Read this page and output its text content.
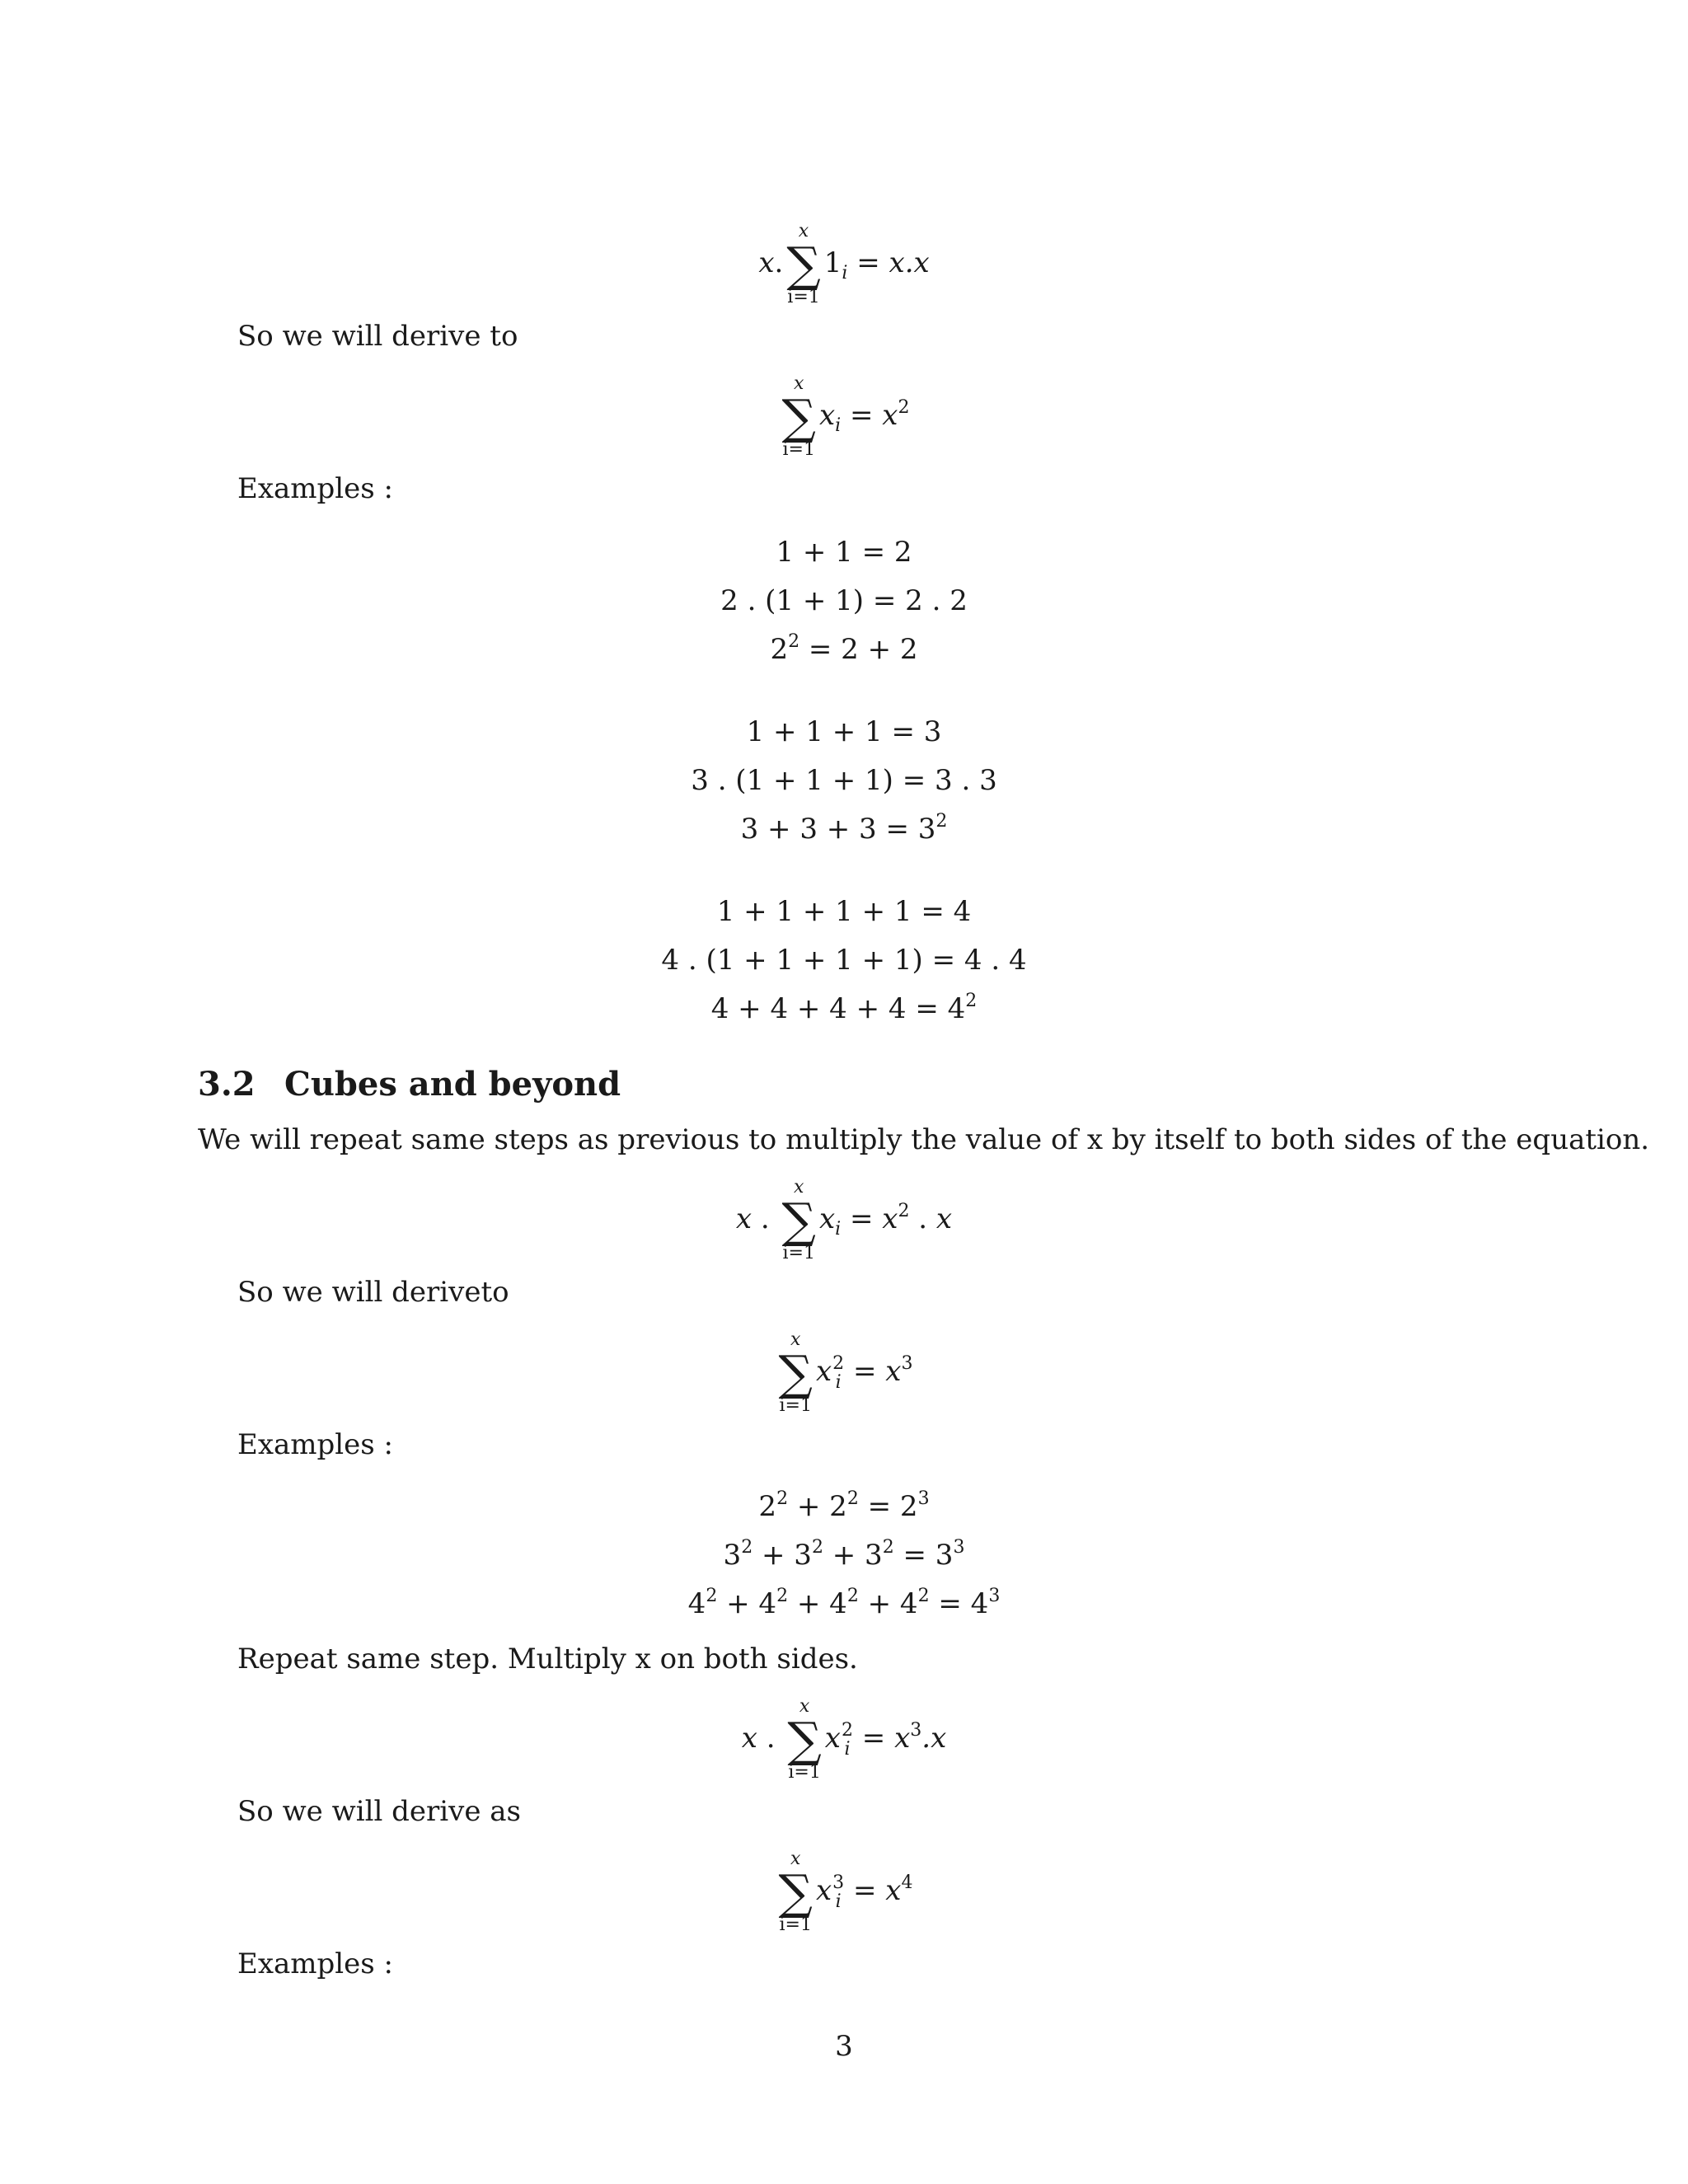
x.
x
∑
i=1
$1_i = x.x$
So we will derive to
x
∑
i=1
$x_i = x^2$
Examples :
1 + 1 = 2
2 . (1 + 1) = 2 . 2
$2^2 = 2 + 2$
1 + 1 + 1 = 3
3 . (1 + 1 + 1) = 3 . 3
$3 + 3 + 3 = 3^2$
1 + 1 + 1 + 1 = 4
4 . (1 + 1 + 1 + 1) = 4 . 4
$4 + 4 + 4 + 4 = 4^2$
3.2 Cubes and beyond
We will repeat same steps as previous to multiply the value of x by itself to both sides of the equation.
x .
x
∑
i=1
$x_i = x^2$ . x
So we will deriveto
x
∑
i=1
x 2
$i = x^3$
Examples :
$2^2 + 2^2 = 2^3$
$3^2 + 3^2 + 3^2 = 3^3$
$4^2 + 4^2 + 4^2 + 4^2 = 4^3$
Repeat same step. Multiply x on both sides.
x .
x
∑
i=1
x 2
$i = x^3.x$
So we will derive as
x
∑
i=1
x 3
$i = x^4$
Examples :
3
